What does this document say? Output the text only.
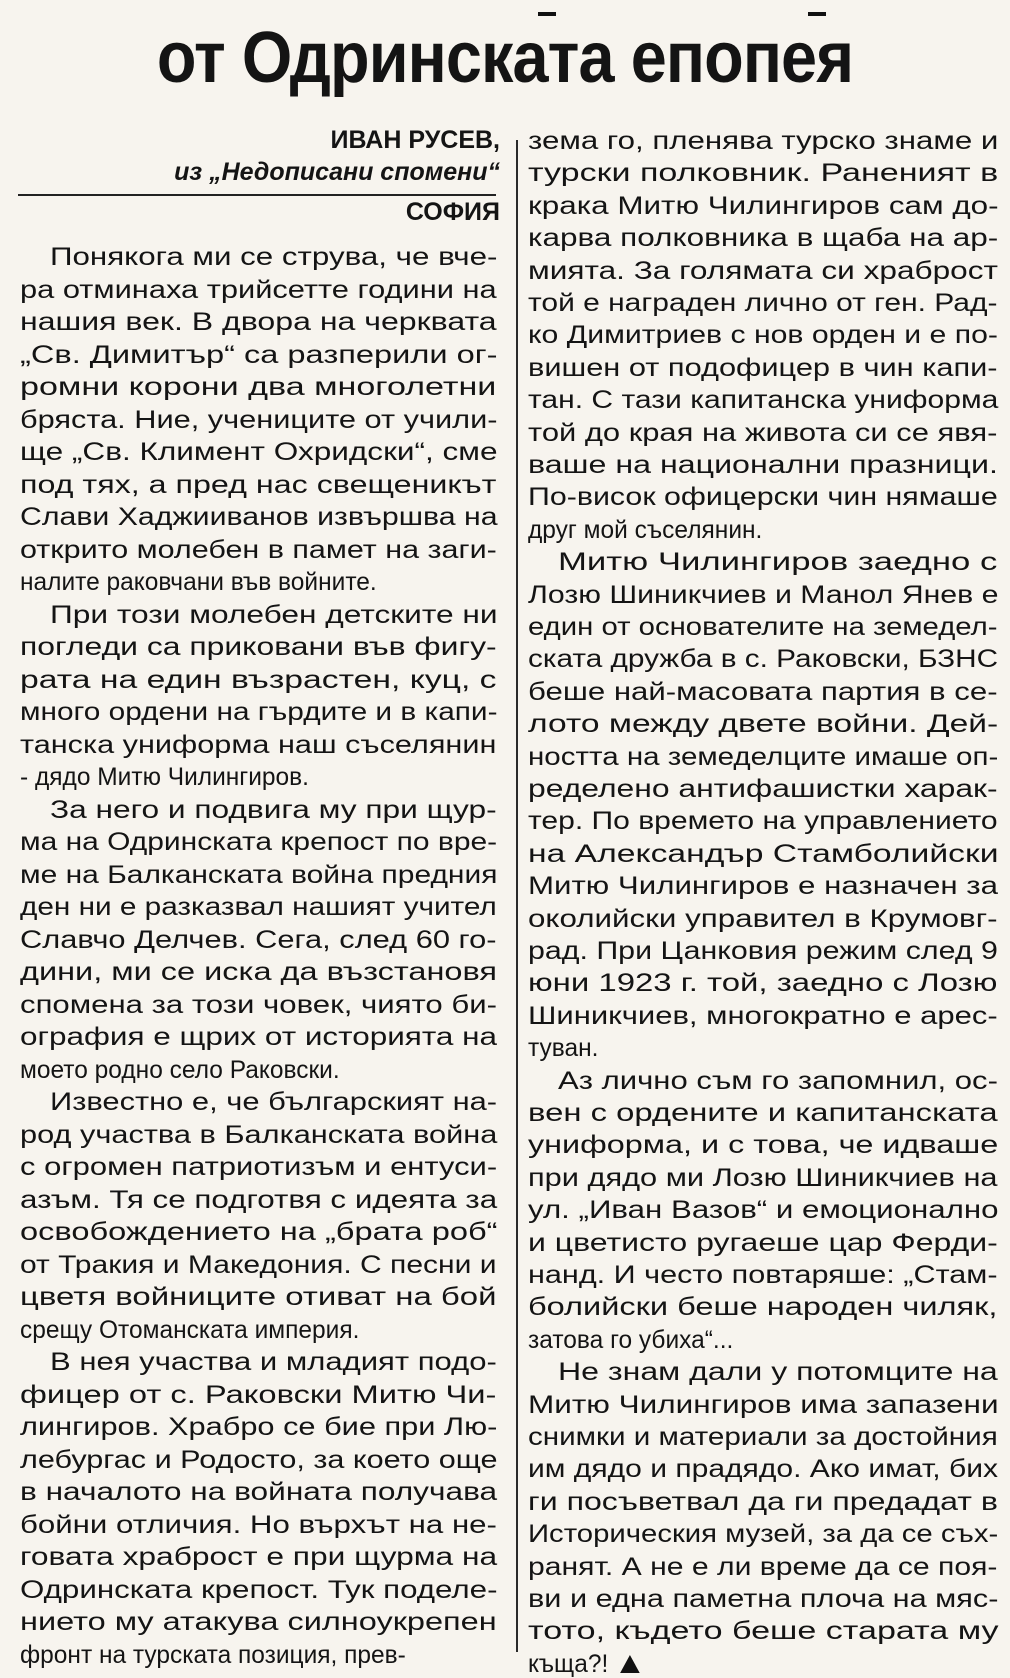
от Одринската епопея
ИВАН РУСЕВ,
из „Недописани спомени“
СОФИЯ
Понякога ми се струва, че вче-
ра отминаха трийсетте години на
нашия век. В двора на черквата
„Св. Димитър“ са разперили ог-
ромни корони два многолетни
бряста. Ние, учениците от учили-
ще „Св. Климент Охридски“, сме
под тях, а пред нас свещеникът
Слави Хаджииванов извършва на
открито молебен в памет на заги-
налите раковчани във войните.
При този молебен детските ни
погледи са приковани във фигу-
рата на един възрастен, куц, с
много ордени на гърдите и в капи-
танска униформа наш съселянин
- дядо Митю Чилингиров.
За него и подвига му при щур-
ма на Одринската крепост по вре-
ме на Балканската война предния
ден ни е разказвал нашият учител
Славчо Делчев. Сега, след 60 го-
дини, ми се иска да възстановя
спомена за този човек, чиято би-
ография е щрих от историята на
моето родно село Раковски.
Известно е, че българският на-
род участва в Балканската война
с огромен патриотизъм и ентуси-
азъм. Тя се подготвя с идеята за
освобождението на „брата роб“
от Тракия и Македония. С песни и
цветя войниците отиват на бой
срещу Отоманската империя.
В нея участва и младият подо-
фицер от с. Раковски Митю Чи-
лингиров. Храбро се бие при Лю-
лебургас и Родосто, за което още
в началото на войната получава
бойни отличия. Но върхът на не-
говата храброст е при щурма на
Одринската крепост. Тук поделе-
нието му атакува силноукрепен
фронт на турската позиция, прев-
зема го, пленява турско знаме и
турски полковник. Раненият в
крака Митю Чилингиров сам до-
карва полковника в щаба на ар-
мията. За голямата си храброст
той е награден лично от ген. Рад-
ко Димитриев с нов орден и е по-
вишен от подофицер в чин капи-
тан. С тази капитанска униформа
той до края на живота си се явя-
ваше на национални празници.
По-висок офицерски чин нямаше
друг мой съселянин.
Митю Чилингиров заедно с
Лозю Шиникчиев и Манол Янев е
един от основателите на земедел-
ската дружба в с. Раковски, БЗНС
беше най-масовата партия в се-
лото между двете войни. Дей-
ността на земеделците имаше оп-
ределено антифашистки харак-
тер. По времето на управлението
на Александър Стамболийски
Митю Чилингиров е назначен за
околийски управител в Крумовг-
рад. При Цанковия режим след 9
юни 1923 г. той, заедно с Лозю
Шиникчиев, многократно е арес-
туван.
Аз лично съм го запомнил, ос-
вен с ордените и капитанската
униформа, и с това, че идваше
при дядо ми Лозю Шиникчиев на
ул. „Иван Вазов“ и емоционално
и цветисто ругаеше цар Ферди-
нанд. И често повтаряше: „Стам-
болийски беше народен чиляк,
затова го убиха“...
Не знам дали у потомците на
Митю Чилингиров има запазени
снимки и материали за достойния
им дядо и прадядо. Ако имат, бих
ги посъветвал да ги предадат в
Историческия музей, за да се съх-
ранят. А не е ли време да се поя-
ви и една паметна плоча на мяс-
тото, където беше старата му
къща?!
